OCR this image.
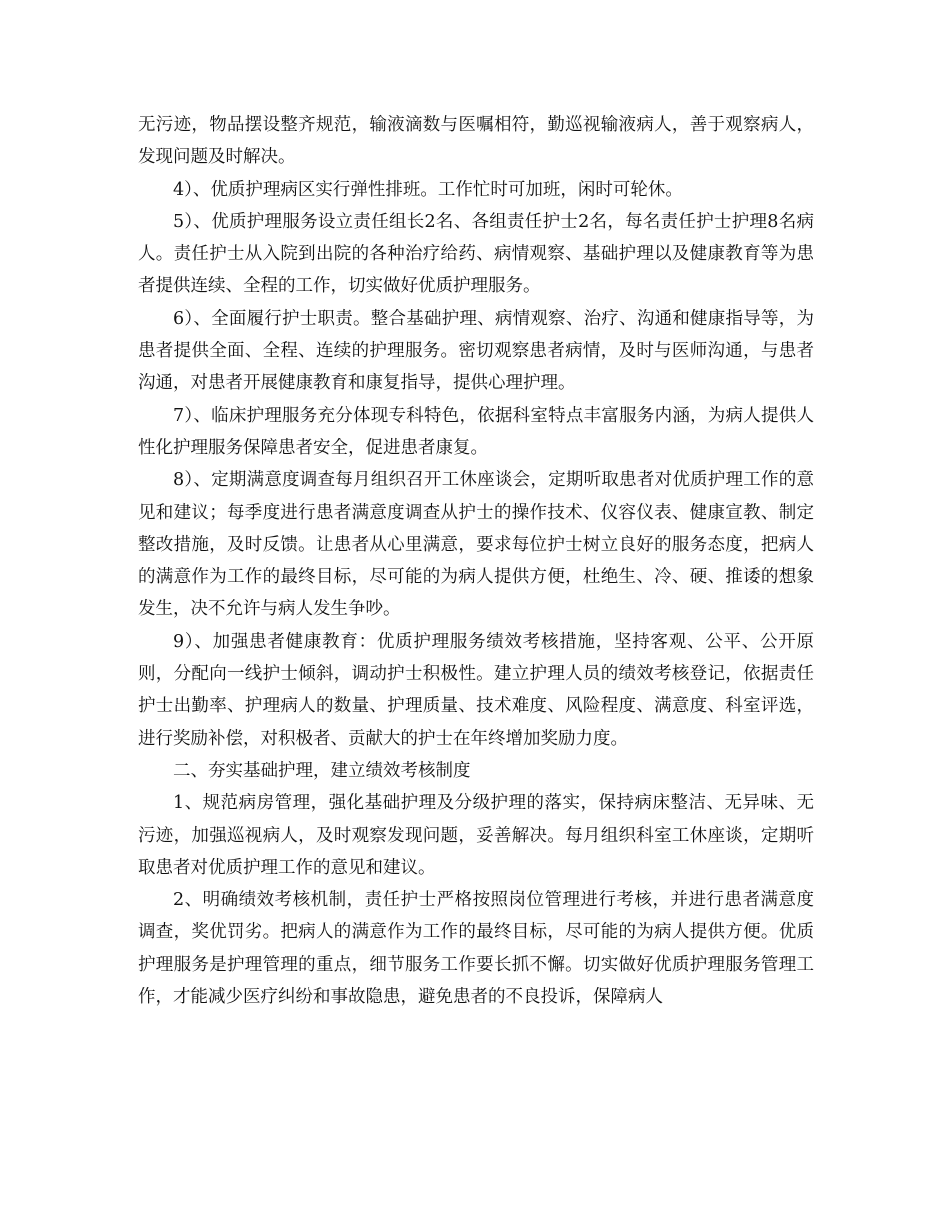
无污迹，物品摆设整齐规范，输液滴数与医嘱相符，勤巡视输液病人，善于观察病人，发现问题及时解决。

4）、优质护理病区实行弹性排班。工作忙时可加班，闲时可轮休。

5）、优质护理服务设立责任组长2名、各组责任护士2名，每名责任护士护理8名病人。责任护士从入院到出院的各种治疗给药、病情观察、基础护理以及健康教育等为患者提供连续、全程的工作，切实做好优质护理服务。

6）、全面履行护士职责。整合基础护理、病情观察、治疗、沟通和健康指导等，为患者提供全面、全程、连续的护理服务。密切观察患者病情，及时与医师沟通，与患者沟通，对患者开展健康教育和康复指导，提供心理护理。

7）、临床护理服务充分体现专科特色，依据科室特点丰富服务内涵，为病人提供人性化护理服务保障患者安全，促进患者康复。

8）、定期满意度调查每月组织召开工休座谈会，定期听取患者对优质护理工作的意见和建议；每季度进行患者满意度调查从护士的操作技术、仪容仪表、健康宣教、制定整改措施，及时反馈。让患者从心里满意，要求每位护士树立良好的服务态度，把病人的满意作为工作的最终目标，尽可能的为病人提供方便，杜绝生、冷、硬、推诿的想象发生，决不允许与病人发生争吵。

9）、加强患者健康教育：优质护理服务绩效考核措施，坚持客观、公平、公开原则，分配向一线护士倾斜，调动护士积极性。建立护理人员的绩效考核登记，依据责任护士出勤率、护理病人的数量、护理质量、技术难度、风险程度、满意度、科室评选，进行奖励补偿，对积极者、贡献大的护士在年终增加奖励力度。

二、夯实基础护理，建立绩效考核制度

1、规范病房管理，强化基础护理及分级护理的落实，保持病床整洁、无异味、无污迹，加强巡视病人，及时观察发现问题，妥善解决。每月组织科室工休座谈，定期听取患者对优质护理工作的意见和建议。

2、明确绩效考核机制，责任护士严格按照岗位管理进行考核，并进行患者满意度调查，奖优罚劣。把病人的满意作为工作的最终目标，尽可能的为病人提供方便。优质护理服务是护理管理的重点，细节服务工作要长抓不懈。切实做好优质护理服务管理工作，才能减少医疗纠纷和事故隐患，避免患者的不良投诉，保障病人
